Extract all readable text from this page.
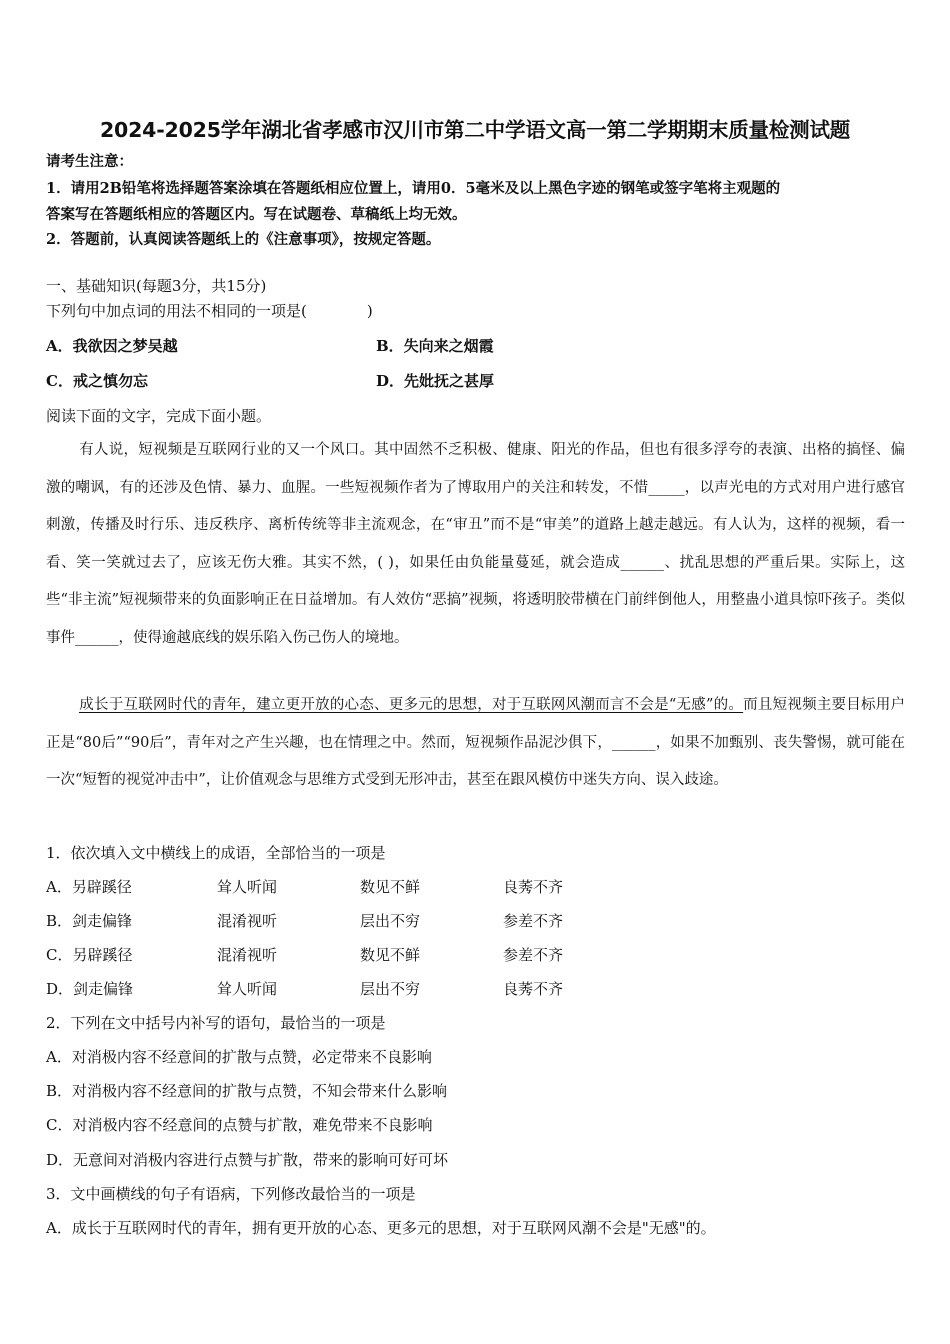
2024-2025学年湖北省孝感市汉川市第二中学语文高一第二学期期末质量检测试题
请考生注意：
1．请用2B铅笔将选择题答案涂填在答题纸相应位置上，请用0．5毫米及以上黑色字迹的钢笔或签字笔将主观题的
答案写在答题纸相应的答题区内。写在试题卷、草稿纸上均无效。
2．答题前，认真阅读答题纸上的《注意事项》，按规定答题。
一、基础知识(每题3分，共15分)
下列句中加点词的用法不相同的一项是(　　　　)
A．我欲因之梦吴越	B．失向来之烟霞
C．戒之慎勿忘	D．先妣抚之甚厚
阅读下面的文字，完成下面小题。
有人说，短视频是互联网行业的又一个风口。其中固然不乏积极、健康、阳光的作品，但也有很多浮夸的表演、出格的搞怪、偏激的嘲讽，有的还涉及色情、暴力、血腥。一些短视频作者为了博取用户的关注和转发，不惜_____，以声光电的方式对用户进行感官刺激，传播及时行乐、违反秩序、离析传统等非主流观念，在“审丑”而不是“审美”的道路上越走越远。有人认为，这样的视频，看一看、笑一笑就过去了，应该无伤大雅。其实不然，( )，如果任由负能量蔓延，就会造成______、扰乱思想的严重后果。实际上，这些“非主流”短视频带来的负面影响正在日益增加。有人效仿“恶搞”视频，将透明胶带横在门前绊倒他人，用整蛊小道具惊吓孩子。类似事件______，使得逾越底线的娱乐陷入伤己伤人的境地。
成长于互联网时代的青年，建立更开放的心态、更多元的思想，对于互联网风潮而言不会是“无感”的。而且短视频主要目标用户正是“80后”“90后”，青年对之产生兴趣，也在情理之中。然而，短视频作品泥沙俱下，______，如果不加甄别、丧失警惕，就可能在一次“短暂的视觉冲击中”，让价值观念与思维方式受到无形冲击，甚至在跟风模仿中迷失方向、误入歧途。
1．依次填入文中横线上的成语，全部恰当的一项是
A．另辟蹊径	耸人听闻	数见不鲜	良莠不齐
B．剑走偏锋	混淆视听	层出不穷	参差不齐
C．另辟蹊径	混淆视听	数见不鲜	参差不齐
D．剑走偏锋	耸人听闻	层出不穷	良莠不齐
2．下列在文中括号内补写的语句，最恰当的一项是
A．对消极内容不经意间的扩散与点赞，必定带来不良影响
B．对消极内容不经意间的扩散与点赞，不知会带来什么影响
C．对消极内容不经意间的点赞与扩散，难免带来不良影响
D．无意间对消极内容进行点赞与扩散，带来的影响可好可坏
3．文中画横线的句子有语病，下列修改最恰当的一项是
A．成长于互联网时代的青年，拥有更开放的心态、更多元的思想，对于互联网风潮不会是"无感"的。
